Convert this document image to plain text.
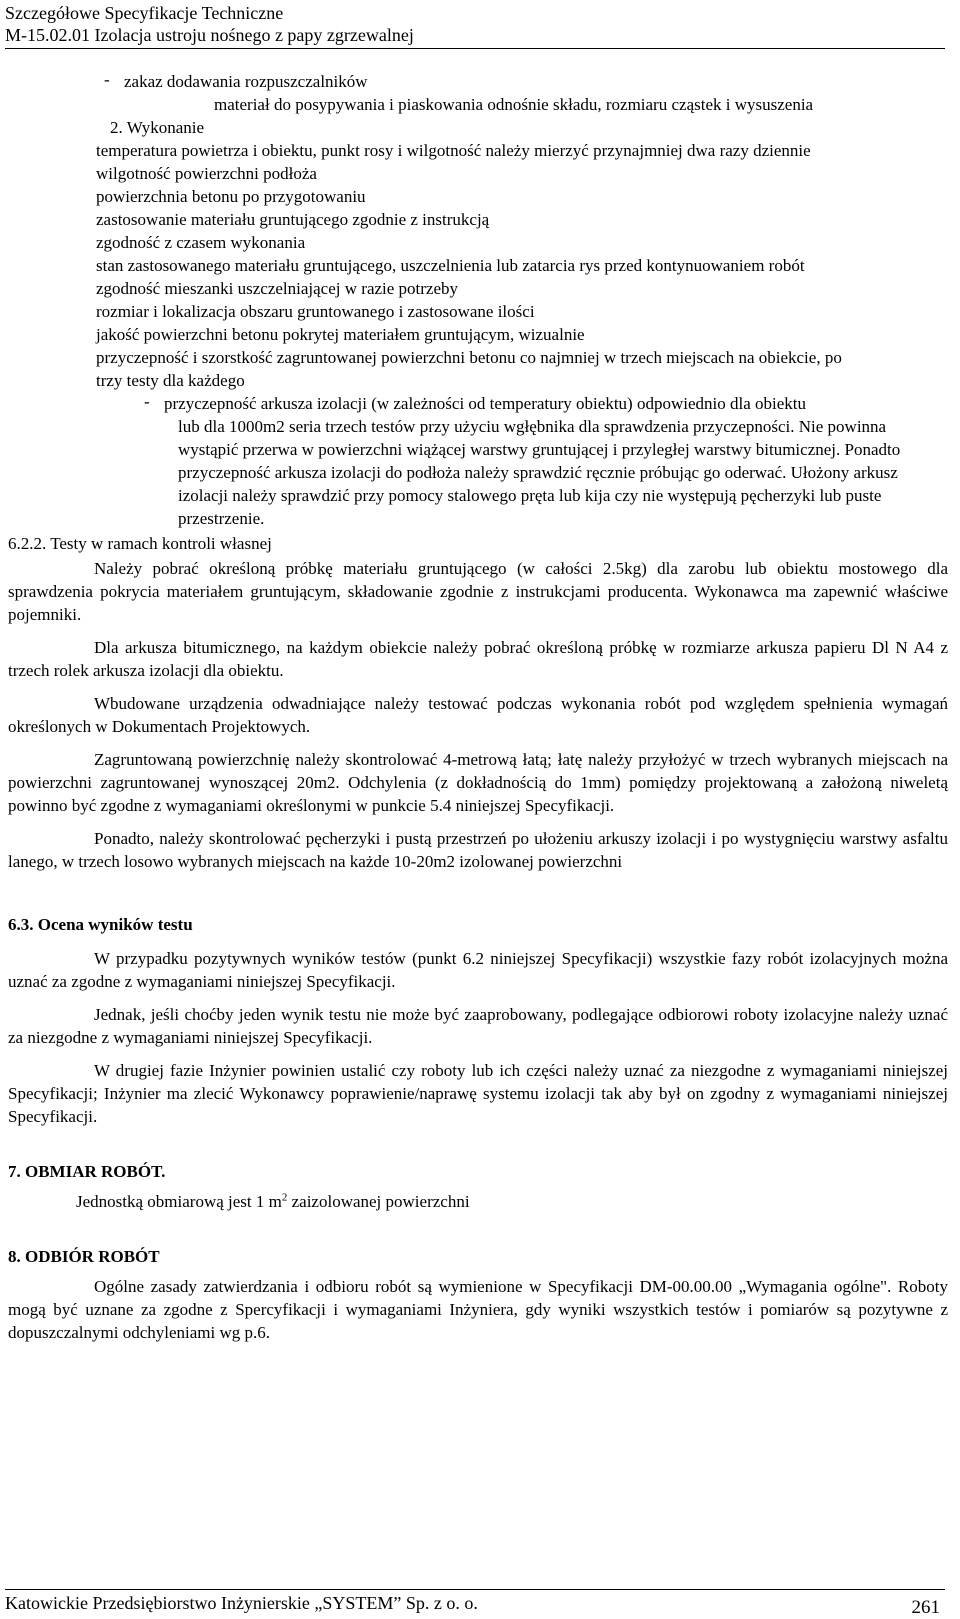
Szczegółowe Specyfikacje Techniczne
M-15.02.01 Izolacja ustroju nośnego z papy zgrzewalnej
- zakaz dodawania rozpuszczalników

materiał do posypywania i piaskowania odnośnie składu, rozmiaru cząstek i wysuszenia

2. Wykonanie

temperatura powietrza i obiektu, punkt rosy i wilgotność należy mierzyć przynajmniej dwa razy dziennie

wilgotność powierzchni podłoża

powierzchnia betonu po przygotowaniu

zastosowanie materiału gruntującego zgodnie z instrukcją

zgodność z czasem wykonania

stan zastosowanego materiału gruntującego, uszczelnienia lub zatarcia rys przed kontynuowaniem robót

zgodność mieszanki uszczelniającej w razie potrzeby

rozmiar i lokalizacja obszaru gruntowanego i zastosowane ilości

jakość powierzchni betonu pokrytej materiałem gruntującym, wizualnie

przyczepność i szorstkość zagruntowanej powierzchni betonu co najmniej w trzech miejscach na obiekcie, po trzy testy dla każdego

- przyczepność arkusza izolacji (w zależności od temperatury obiektu) odpowiednio dla obiektu

lub dla 1000m2 seria trzech testów przy użyciu wgłębnika dla sprawdzenia przyczepności. Nie powinna wystąpić przerwa w powierzchni wiążącej warstwy gruntującej i przyległej warstwy bitumicznej. Ponadto przyczepność arkusza izolacji do podłoża należy sprawdzić ręcznie próbując go oderwać. Ułożony arkusz izolacji należy sprawdzić przy pomocy stalowego pręta lub kija czy nie występują pęcherzyki lub puste przestrzenie.

6.2.2. Testy w ramach kontroli własnej

Należy pobrać określoną próbkę materiału gruntującego (w całości 2.5kg) dla zarobu lub obiektu mostowego dla sprawdzenia pokrycia materiałem gruntującym, składowanie zgodnie z instrukcjami producenta. Wykonawca ma zapewnić właściwe pojemniki.

Dla arkusza bitumicznego, na każdym obiekcie należy pobrać określoną próbkę w rozmiarze arkusza papieru Dl N A4 z trzech rolek arkusza izolacji dla obiektu.

Wbudowane urządzenia odwadniające należy testować podczas wykonania robót pod względem spełnienia wymagań określonych w Dokumentach Projektowych.

Zagruntowaną powierzchnię należy skontrolować 4-metrową łatą; łatę należy przyłożyć w trzech wybranych miejscach na powierzchni zagruntowanej wynoszącej 20m2. Odchylenia (z dokładnością do 1mm) pomiędzy projektowaną a założoną niweletą powinno być zgodne z wymaganiami określonymi w punkcie 5.4 niniejszej Specyfikacji.

Ponadto, należy skontrolować pęcherzyki i pustą przestrzeń po ułożeniu arkuszy izolacji i po wystygnięciu warstwy asfaltu lanego, w trzech losowo wybranych miejscach na każde 10-20m2 izolowanej powierzchni

6.3. Ocena wyników testu

W przypadku pozytywnych wyników testów (punkt 6.2 niniejszej Specyfikacji) wszystkie fazy robót izolacyjnych można uznać za zgodne z wymaganiami niniejszej Specyfikacji.

Jednak, jeśli choćby jeden wynik testu nie może być zaaprobowany, podlegające odbiorowi roboty izolacyjne należy uznać za niezgodne z wymaganiami niniejszej Specyfikacji.

W drugiej fazie Inżynier powinien ustalić czy roboty lub ich części należy uznać za niezgodne z wymaganiami niniejszej Specyfikacji; Inżynier ma zlecić Wykonawcy poprawienie/naprawę systemu izolacji tak aby był on zgodny z wymaganiami niniejszej Specyfikacji.

7. OBMIAR ROBÓT.

Jednostką obmiarową jest 1 $m^2$ zaizolowanej powierzchni

8. ODBIÓR ROBÓT

Ogólne zasady zatwierdzania i odbioru robót są wymienione w Specyfikacji DM-00.00.00 „Wymagania ogólne". Roboty mogą być uznane za zgodne z Spercyfikacji i wymaganiami Inżyniera, gdy wyniki wszystkich testów i pomiarów są pozytywne z dopuszczalnymi odchyleniami wg p.6.

Katowickie Przedsiębiorstwo Inżynierskie „SYSTEM” Sp. z o. o.	261
